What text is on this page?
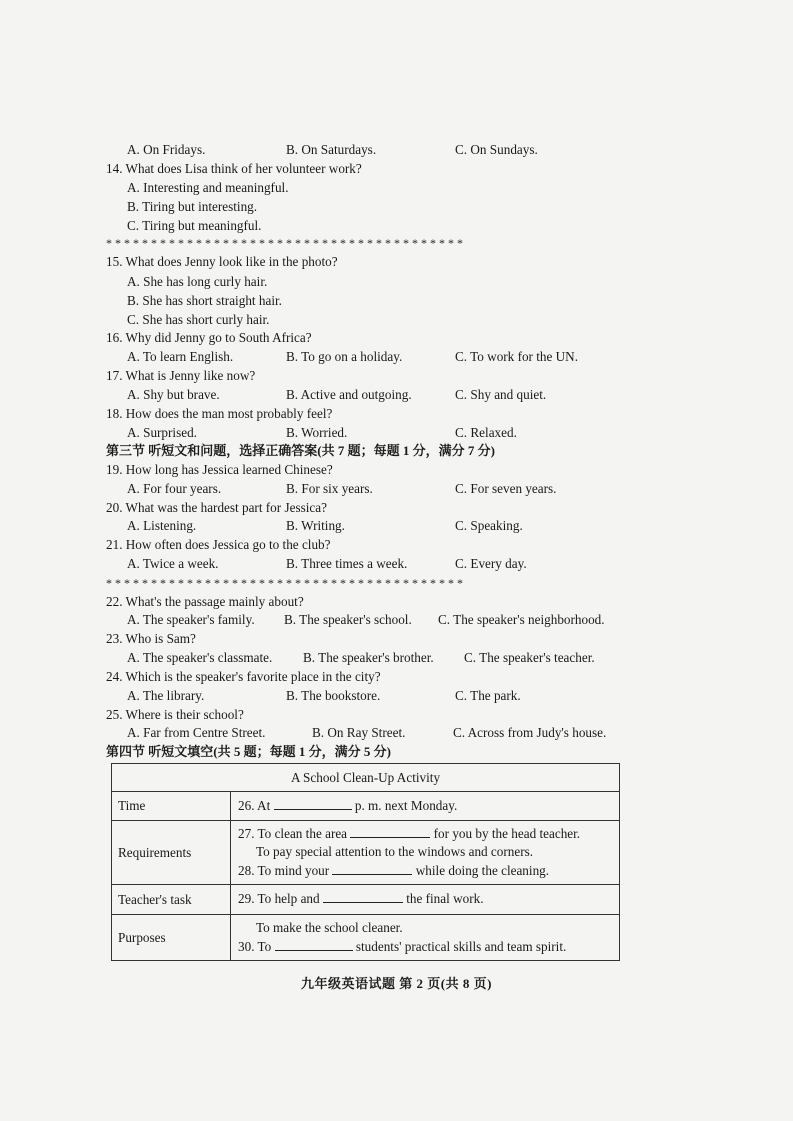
A. On Fridays.	B. On Saturdays.	C. On Sundays.
14. What does Lisa think of her volunteer work?
A. Interesting and meaningful.
B. Tiring but interesting.
C. Tiring but meaningful.
* * * * * * * * * * * * * * * * * * * * * * * * * * * * * * * * * * * * * * * *
15. What does Jenny look like in the photo?
A. She has long curly hair.
B. She has short straight hair.
C. She has short curly hair.
16. Why did Jenny go to South Africa?
A. To learn English.	B. To go on a holiday.	C. To work for the UN.
17. What is Jenny like now?
A. Shy but brave.	B. Active and outgoing.	C. Shy and quiet.
18. How does the man most probably feel?
A. Surprised.	B. Worried.	C. Relaxed.
第三节 听短文和问题，选择正确答案(共 7 题；每题 1 分，满分 7 分)
19. How long has Jessica learned Chinese?
A. For four years.	B. For six years.	C. For seven years.
20. What was the hardest part for Jessica?
A. Listening.	B. Writing.	C. Speaking.
21. How often does Jessica go to the club?
A. Twice a week.	B. Three times a week.	C. Every day.
* * * * * * * * * * * * * * * * * * * * * * * * * * * * * * * * * * * * * * * *
22. What's the passage mainly about?
A. The speaker's family. B. The speaker's school. C. The speaker's neighborhood.
23. Who is Sam?
A. The speaker's classmate. B. The speaker's brother. C. The speaker's teacher.
24. Which is the speaker's favorite place in the city?
A. The library.	B. The bookstore.	C. The park.
25. Where is their school?
A. Far from Centre Street.	B. On Ray Street.	C. Across from Judy's house.
第四节 听短文填空(共 5 题；每题 1 分，满分 5 分)
A School Clean-Up Activity	
Time	26. At p. m. next Monday.

Requirements	27. To clean the area for you by the head teacher.
To pay special attention to the windows and corners.
28. To mind your while doing the cleaning.

Teacher's task	29. To help and the final work.

Purposes	To make the school cleaner.
30. To students' practical skills and team spirit.
九年级英语试题 第 2 页(共 8 页)
